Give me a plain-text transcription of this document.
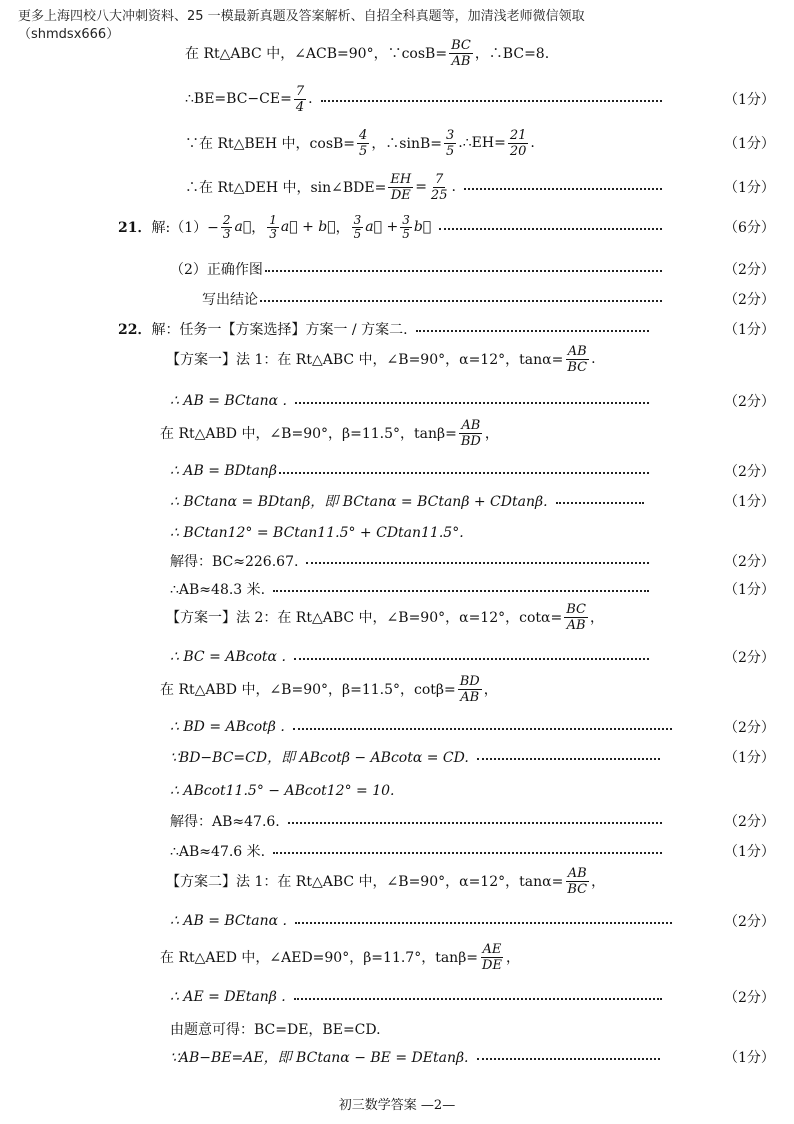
更多上海四校八大冲刺资料、25 一模最新真题及答案解析、自招全科真题等，加清浅老师微信领取
（shmdsx666）
在 Rt△ABC 中，∠ACB=90°，∵cosB= $\frac{BC}{AB}$ ，∴BC=8.
∴BE=BC−CE= $\frac{7}{4}$ .	（1分）
∵在 Rt△BEH 中，$\cos B= \frac{4}{5}$ ，∴sinB= $\frac{3}{5}$ .∴EH= $\frac{21}{20}$ .	（1分）
∴在 Rt△DEH 中，sin∠BDE= $\frac{EH}{DE} = \frac{7}{25}$ .	（1分）
21． 解:（1）− $\frac{2}{3}$ a⃗ ， $\frac{1}{3}$ a⃗ + b⃗ ， $\frac{3}{5}$ a⃗ + $\frac{3}{5}$ b⃗	（6分）
（2）正确作图	（2分）
写出结论	（2分）
22． 解：任务一【方案选择】方案一 / 方案二.	（1分）
【方案一】法 1：在 Rt△ABC 中，∠B=90°，α=12°，$\tan\alpha= \frac{AB}{BC}$ .
∴ AB = BCtanα .	（2分）
在 Rt△ABD 中，∠B=90°，β=11.5°，$\tan\beta= \frac{AB}{BD}$ ，
∴ AB = BDtanβ	（2分）
∴ BCtanα = BDtanβ，即 BCtanα = BCtanβ + CDtanβ.	（1分）
∴ BCtan12° = BCtan11.5° + CDtan11.5°.
解得：BC≈226.67.	（2分）
∴AB≈48.3 米.	（1分）
【方案一】法 2：在 Rt△ABC 中，∠B=90°，α=12°，$\cot\alpha= \frac{BC}{AB}$ ，
∴ BC = ABcotα .	（2分）
在 Rt△ABD 中，∠B=90°，β=11.5°，$\cot\beta= \frac{BD}{AB}$ ，
∴ BD = ABcotβ .	（2分）
∵BD−BC=CD，即 ABcotβ − ABcotα = CD.	（1分）
∴ ABcot11.5° − ABcot12° = 10.
解得：AB≈47.6.	（2分）
∴AB≈47.6 米.	（1分）
【方案二】法 1：在 Rt△ABC 中，∠B=90°，α=12°，$\tan\alpha= \frac{AB}{BC}$ ，
∴ AB = BCtanα .	（2分）
在 Rt△AED 中，∠AED=90°，β=11.7°，$\tan\beta= \frac{AE}{DE}$ ，
∴ AE = DEtanβ .	（2分）
由题意可得：BC=DE，BE=CD.
∵AB−BE=AE，即 BCtanα − BE = DEtanβ.	（1分）
初三数学答案 —2—
